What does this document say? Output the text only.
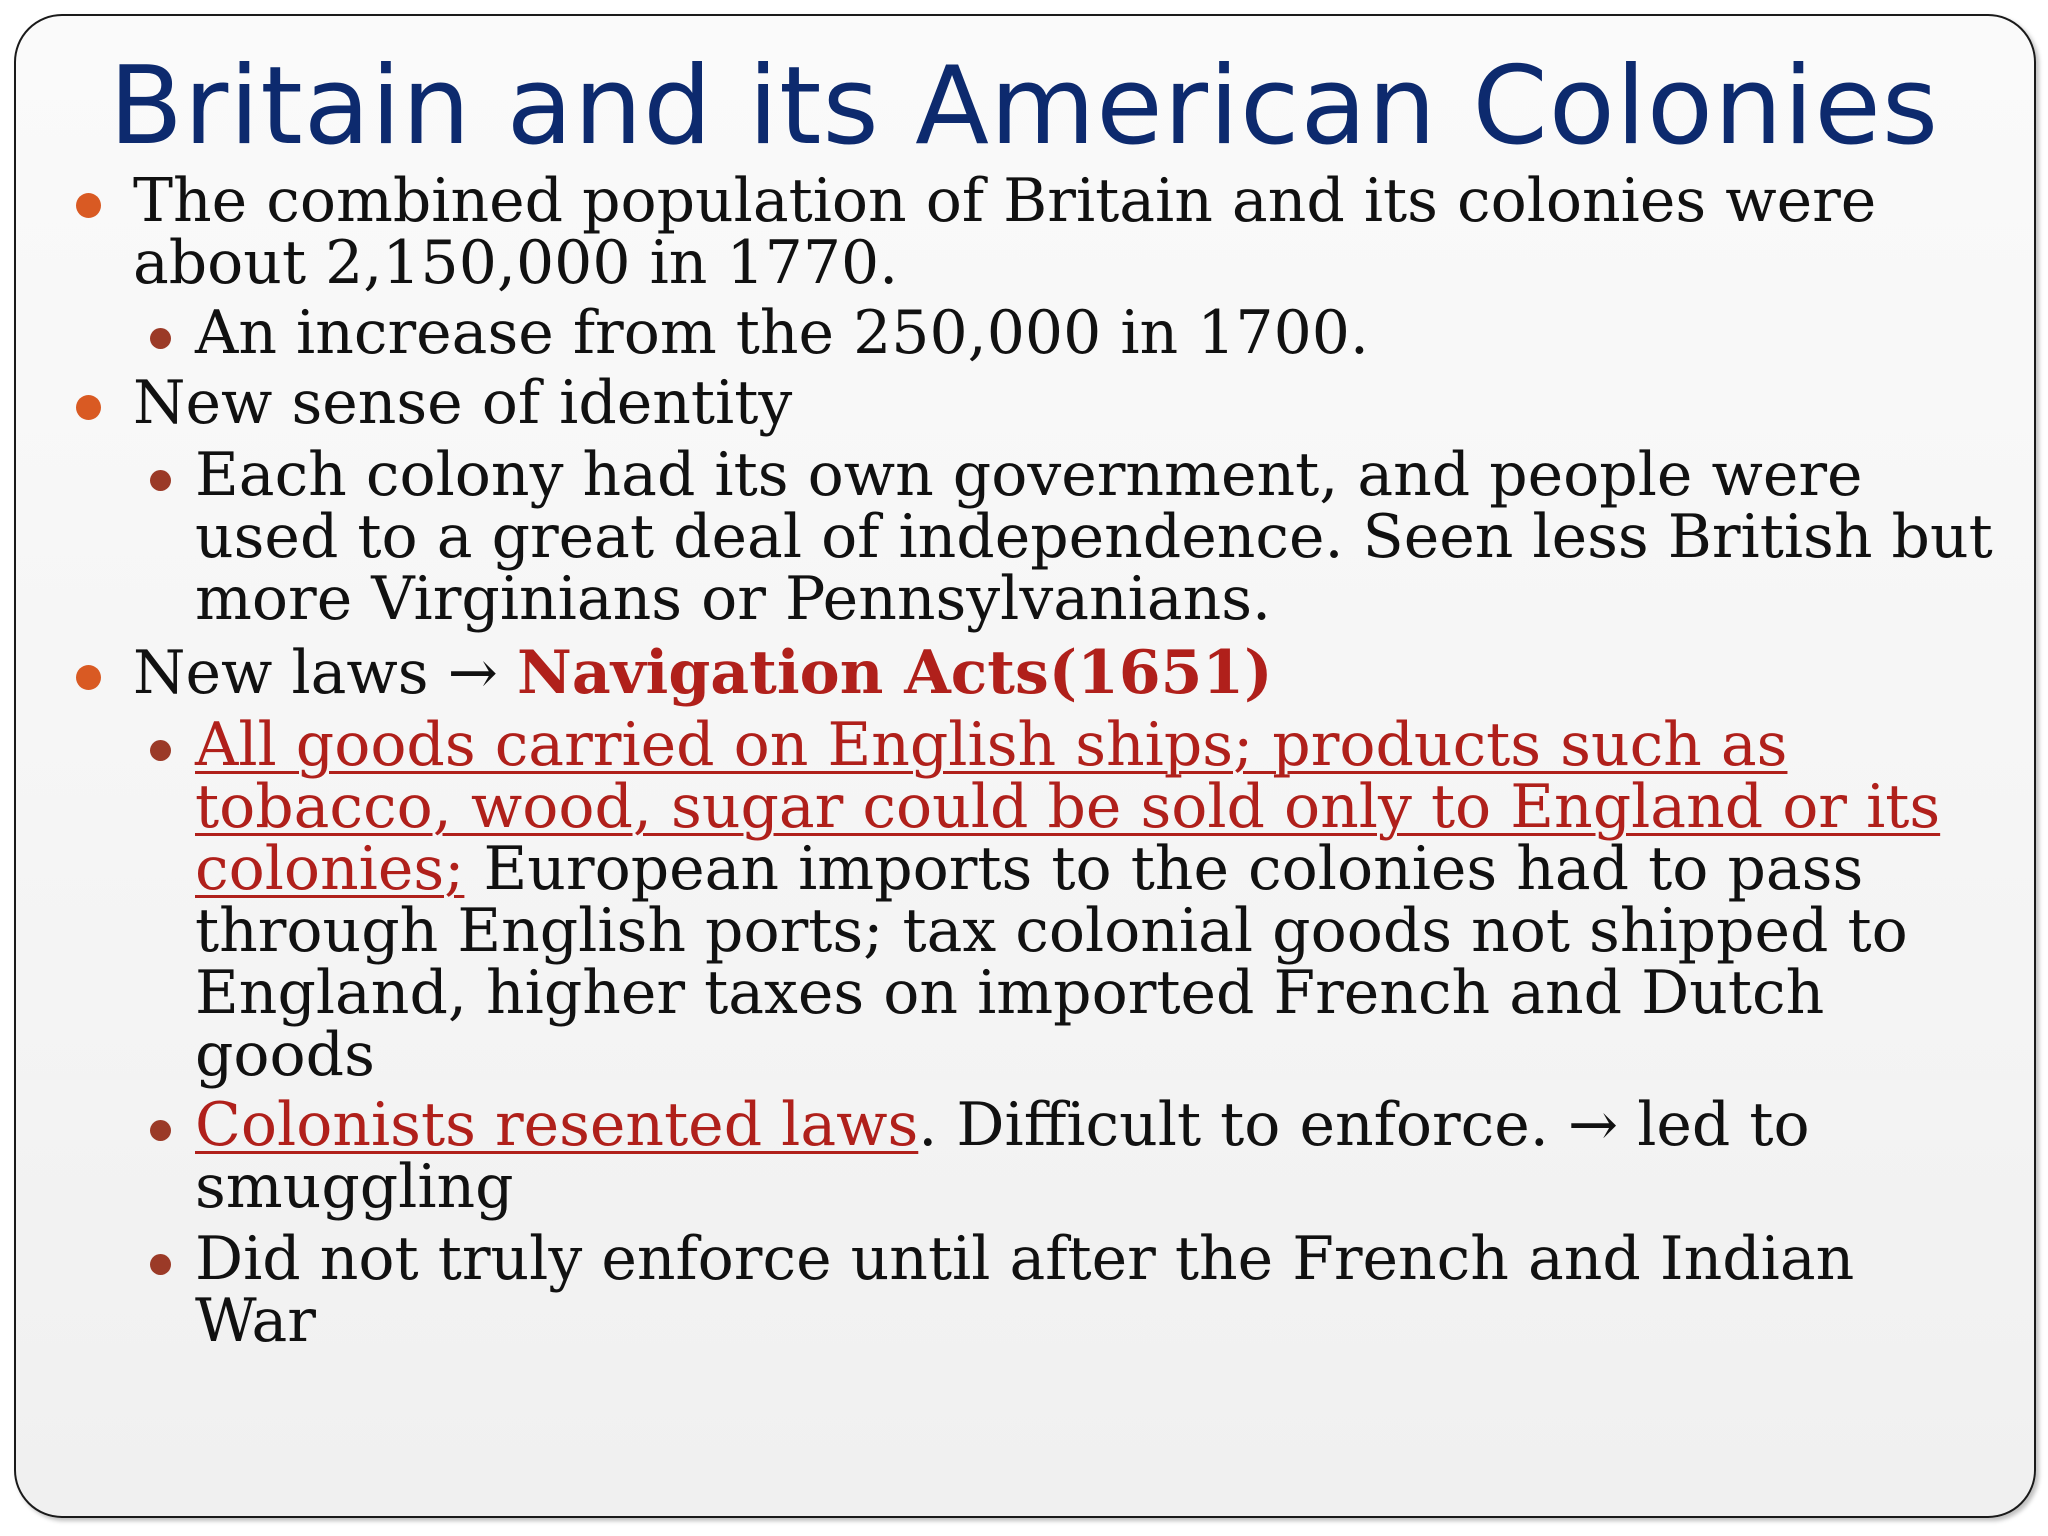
Britain and its American Colonies
The combined population of Britain and its colonies were
about 2,150,000 in 1770.
An increase from the 250,000 in 1700.
New sense of identity
Each colony had its own government, and people were
used to a great deal of independence. Seen less British but
more Virginians or Pennsylvanians.
New laws → Navigation Acts(1651)
All goods carried on English ships; products such as
tobacco, wood, sugar could be sold only to England or its
colonies; European imports to the colonies had to pass
through English ports; tax colonial goods not shipped to
England, higher taxes on imported French and Dutch
goods
Colonists resented laws. Difficult to enforce. → led to
smuggling
Did not truly enforce until after the French and Indian
War
